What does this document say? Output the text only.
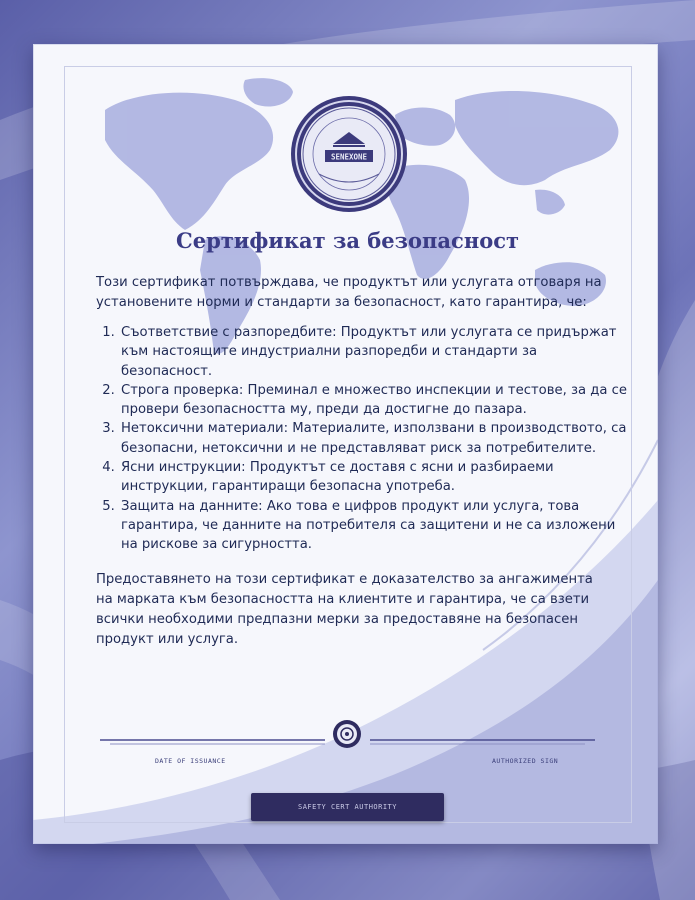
SENEXONE
Сертификат за безопасност
Този сертификат потвърждава, че продуктът или услугата отговаря на установените норми и стандарти за безопасност, като гарантира, че:
1. Съответствие с разпоредбите: Продуктът или услугата се придържат към настоящите индустриални разпоредби и стандарти за безопасност.
2. Строга проверка: Преминал е множество инспекции и тестове, за да се провери безопасността му, преди да достигне до пазара.
3. Нетоксични материали: Материалите, използвани в производството, са безопасни, нетоксични и не представляват риск за потребителите.
4. Ясни инструкции: Продуктът се доставя с ясни и разбираеми инструкции, гарантиращи безопасна употреба.
5. Защита на данните: Ако това е цифров продукт или услуга, това гарантира, че данните на потребителя са защитени и не са изложени на рискове за сигурността.
Предоставянето на този сертификат е доказателство за ангажимента на марката към безопасността на клиентите и гарантира, че са взети всички необходими предпазни мерки за предоставяне на безопасен продукт или услуга.
DATE OF ISSUANCE	AUTHORIZED SIGN
SAFETY CERT AUTHORITY
